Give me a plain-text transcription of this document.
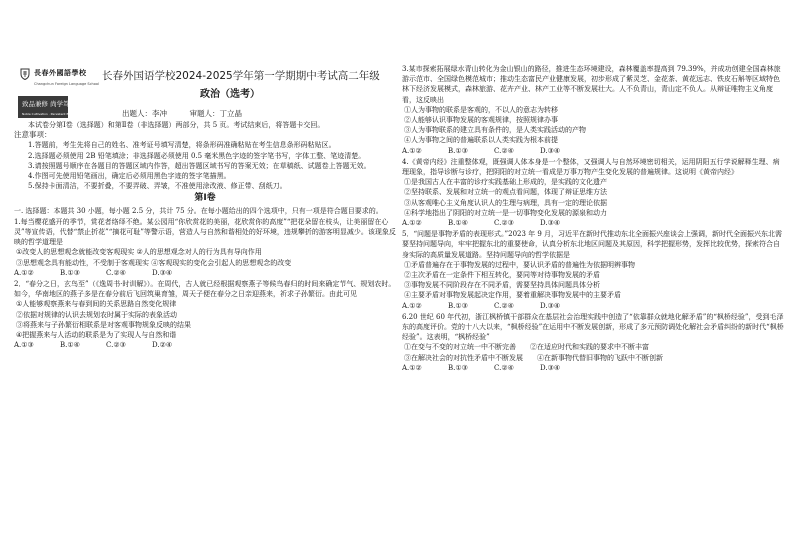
長春外國語學校
Changchun Foreign Language School
致品兼修 尚学笃行
Noble Cultivation · Persistent Endeavor
长春外国语学校2024-2025学年第一学期期中考试高二年级
政治（选考）
出题人：李冲　　　审题人：丁立晶

本试卷分第Ⅰ卷（选择题）和第Ⅱ卷（非选择题）两部分，共 5 页。考试结束后，将答题卡交回。

注意事项：

1.答题前，考生先将自己的姓名、准考证号填写清楚，将条形码准确粘贴在考生信息条形码粘贴区。

2.选择题必须使用 2B 铅笔填涂；非选择题必须使用 0.5 毫米黑色字迹的签字笔书写，字体工整、笔迹清楚。

3.请按照题号顺序在各题目的答题区域内作答，超出答题区域书写的答案无效；在草稿纸、试题卷上答题无效。

4.作图可先使用铅笔画出，确定后必须用黑色字迹的签字笔描黑。

5.保持卡面清洁，不要折叠，不要弄破、弄皱，不准使用涂改液、修正带、刮纸刀。

第Ⅰ卷

一. 选择题：本题共 30 小题，每小题 2.5 分，共计 75 分。在每小题给出的四个选项中，只有一项是符合题目要求的。

1.每当樱花盛开的季节，赏花者络绎不绝。某公园用“你欣赏花的美丽，花欣赏你的高度”“把花朵留在枝头，让美丽留在心灵”等宣传语，代替“禁止折花”“摘花可耻”等警示语，营造人与自然和谐相处的好环境，违规攀折的游客明显减少。该现象反映的哲学道理是

①改变人的思想观念就能改变客观现实 ②人的思想观念对人的行为具有导向作用

③思想观念具有能动性，不受制于客观现实 ④客观现实的变化会引起人的思想观念的改变

A.①②	B.①③	C.②④	D.③④

2．“春分之日，玄鸟至”（《逸周书·时训解》）。在周代，古人就已经根据观察燕子等候鸟春归的时间来确定节气、规划农时。如今，华南地区的燕子多是在春分前后飞回筑巢育雏，周天子便在春分之日亲迎燕来，祈求子孙繁衍。由此可见

①人能够观察燕来与春到间的关系思路自然变化规律

②依据对规律的认识去规划农时属于实际的表象活动

③将燕来与子孙繁衍相联系是对客观事物规象反映的结果

④把握燕来与人活动的联系是为了实现人与自然和谐

A.①③	B.①④	C.②③	D.②④

3.某市探索拓展绿水青山转化为金山银山的路径，推进生态环境建设，森林覆盖率提高到 79.39%，并成功创建全国森林旅游示范市、全国绿色模范城市；推动生态富民产业健康发展，初步形成了紫灵芝、金花茶、黄花远志、铁皮石斛等区域特色林下经济发展模式，森林旅游、花卉产业、林产工业等不断发展壮大。人不负青山，青山定不负人。从辩证唯物主义角度看，这反映出

①人为事物的联系是客观的，不以人的意志为转移

②人能够认识事物发展的客观规律，按照规律办事

③人为事物联系的建立具有条件的，是人类实践活动的产物

④人为事物之间的普遍联系以人类实践为根本前提

A.①②	B.①③	C.②④	D.③④

4.《黄帝内经》注重整体观，既强调人体本身是一个整体，又强调人与自然环境密切相关，运用阴阳五行学说解释生理、病理现象，指导诊断与诊疗，把阴阳的对立统一看成是万事万物产生变化发展的普遍规律。这说明《黄帝内经》

①是我国古人在丰富的诊疗实践基础上形成的，是实践的文化遗产

②坚持联系、发展和对立统一的观点看问题，体现了辩证思维方法

③从客观唯心主义角度认识人的生理与病理，具有一定的理论依据

④科学地指出了阴阳的对立统一是一切事物变化发展的源泉和动力

A.①②	B.①④	C.②③	D.③④

5．“问题是事物矛盾的表现形式。”2023 年 9 月，习近平在新时代推动东北全面振兴座谈会上强调，新时代全面振兴东北需要坚持问题导向，牢牢把握东北的重要使命，认真分析东北地区问题及其原因，科学把握形势，发挥比较优势，探索符合自身实际的高质量发展道路。坚持问题导向的哲学依据是

①矛盾普遍存在于事物发展的过程中，要认识矛盾的普遍性为依据明辨事物

②主次矛盾在一定条件下相互转化，要同等对待事物发展的矛盾

③事物发展不同阶段存在不同矛盾，需要坚持具体问题具体分析

④主要矛盾对事物发展起决定作用，要着重解决事物发展中的主要矛盾

A.①②	B.①③	C.②④	D.③④

6.20 世纪 60 年代初，浙江枫桥镇干部群众在基层社会治理实践中创造了“依靠群众就地化解矛盾”的“枫桥经验”，受到毛泽东的高度评价。党的十八大以来，“枫桥经验”在运用中不断发展创新，形成了多元预防调处化解社会矛盾纠纷的新时代“枫桥经验”。这表明，“枫桥经验”

①在变与不变的对立统一中不断完善　　②在适应时代和实践的要求中不断丰富

③在解决社会的对抗性矛盾中不断发展　　④在新事物代替旧事物的飞跃中不断创新

A.①②	B.①③	C.②④	D.③④
